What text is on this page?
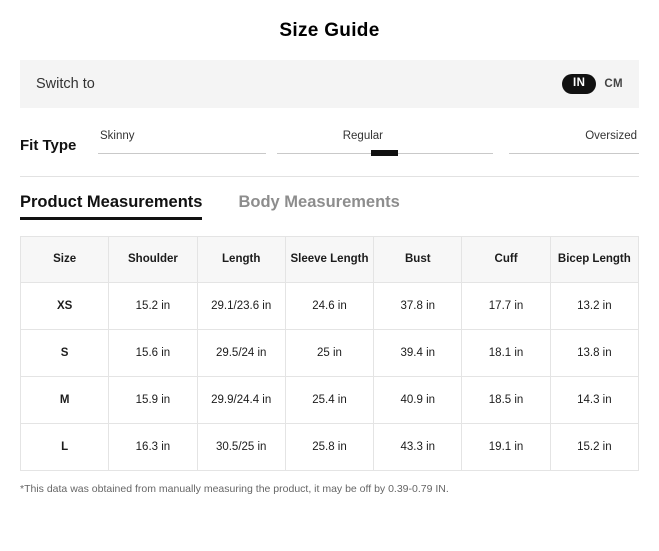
Size Guide
Switch to	IN	CM
Fit Type
Skinny	Regular	Oversized
Product Measurements Body Measurements
Size	Shoulder	Length	Sleeve Length	Bust	Cuff	Bicep Length
XS	15.2 in	29.1/23.6 in	24.6 in	37.8 in	17.7 in	13.2 in
S	15.6 in	29.5/24 in	25 in	39.4 in	18.1 in	13.8 in
M	15.9 in	29.9/24.4 in	25.4 in	40.9 in	18.5 in	14.3 in
L	16.3 in	30.5/25 in	25.8 in	43.3 in	19.1 in	15.2 in
*This data was obtained from manually measuring the product, it may be off by 0.39-0.79 IN.
